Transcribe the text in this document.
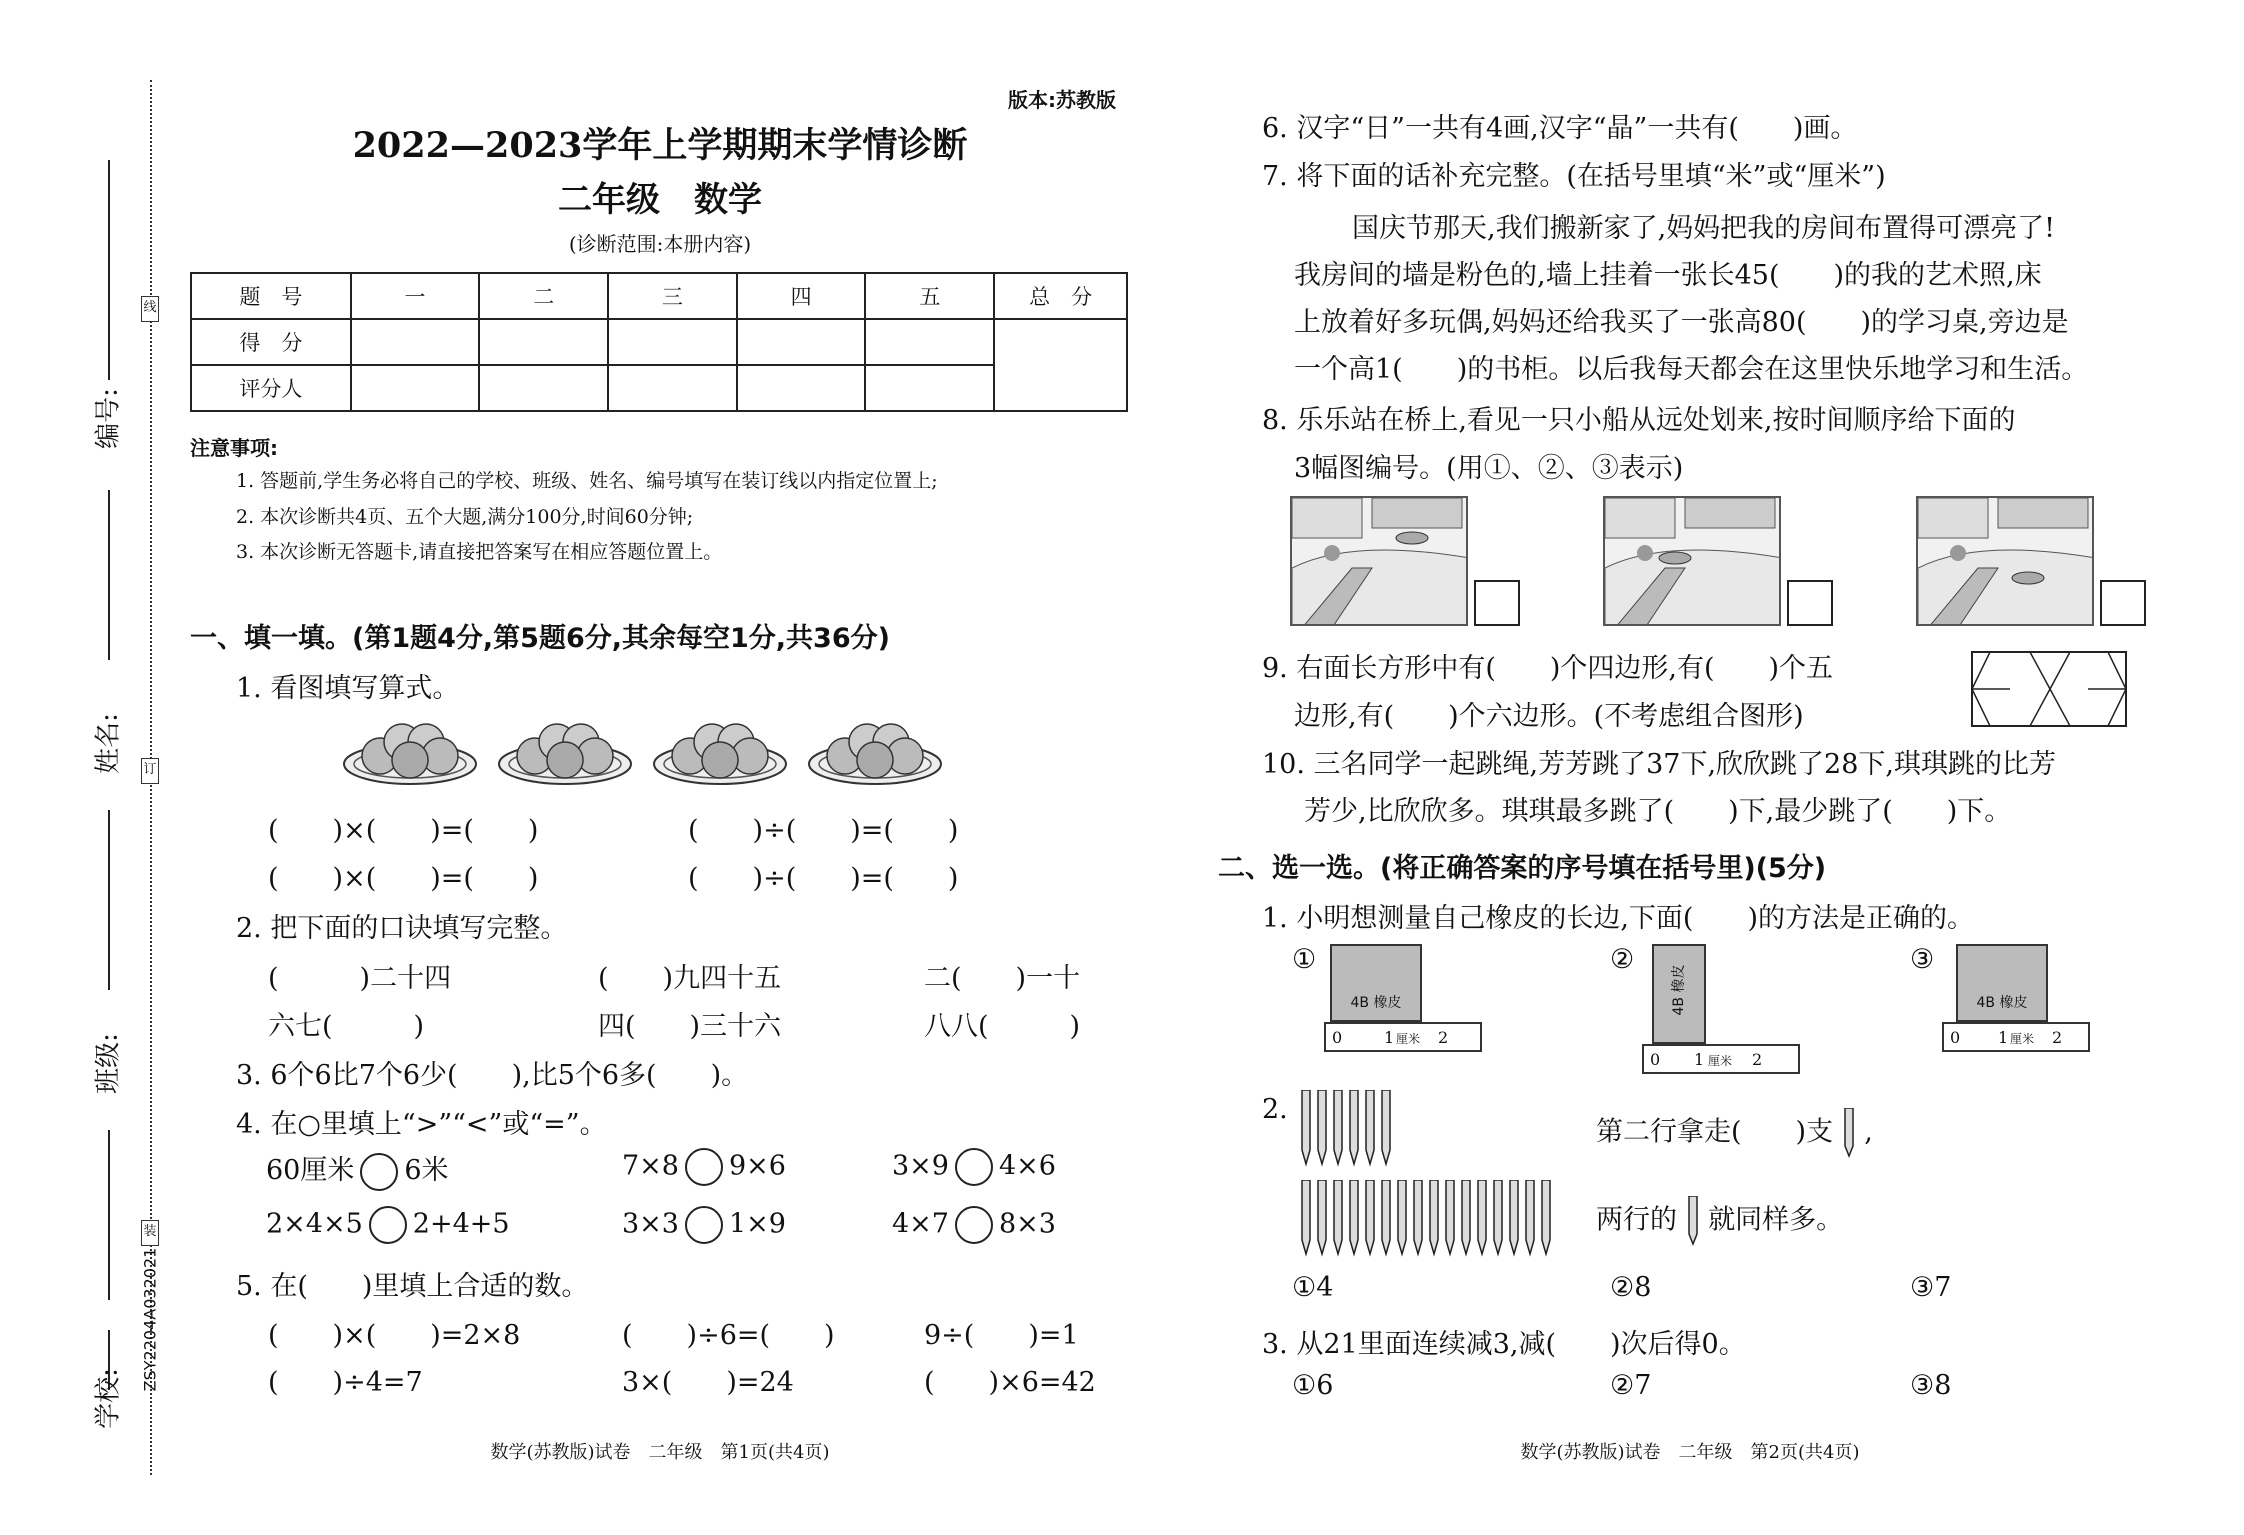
编号:
姓名:
班级:
学校:
ZSY2204A032021
线
订
装
版本:苏教版
2022—2023学年上学期期末学情诊断
二年级　数学
(诊断范围:本册内容)
题　号	一	二	三	四	五	总　分
得　分						
评分人						
注意事项:
1. 答题前,学生务必将自己的学校、班级、姓名、编号填写在装订线以内指定位置上;
2. 本次诊断共4页、五个大题,满分100分,时间60分钟;
3. 本次诊断无答题卡,请直接把答案写在相应答题位置上。
一、填一填。(第1题4分,第5题6分,其余每空1分,共36分)
1. 看图填写算式。
(　　)×(　　)=(　　)	(　　)÷(　　)=(　　)
(　　)×(　　)=(　　)	(　　)÷(　　)=(　　)
2. 把下面的口诀填写完整。
(　　　)二十四	(　　)九四十五	二(　　)一十
六七(　　　)	四(　　)三十六	八八(　　　)
3. 6个6比7个6少(　　),比5个6多(　　)。
4. 在○里填上“>”“<”或“=”。
60厘米 6米	7×8 9×6	3×9 4×6
2×4×5 2+4+5	3×3 1×9	4×7 8×3
5. 在(　　)里填上合适的数。
(　　)×(　　)=2×8	(　　)÷6=(　　)	9÷(　　)=1
(　　)÷4=7	3×(　　)=24	(　　)×6=42
数学(苏教版)试卷　二年级　第1页(共4页)
6. 汉字“日”一共有4画,汉字“晶”一共有(　　)画。
7. 将下面的话补充完整。(在括号里填“米”或“厘米”)
国庆节那天,我们搬新家了,妈妈把我的房间布置得可漂亮了!
我房间的墙是粉色的,墙上挂着一张长45(　　)的我的艺术照,床
上放着好多玩偶,妈妈还给我买了一张高80(　　)的学习桌,旁边是
一个高1(　　)的书柜。以后我每天都会在这里快乐地学习和生活。
8. 乐乐站在桥上,看见一只小船从远处划来,按时间顺序给下面的
3幅图编号。(用①、②、③表示)
9. 右面长方形中有(　　)个四边形,有(　　)个五
边形,有(　　)个六边形。(不考虑组合图形)
10. 三名同学一起跳绳,芳芳跳了37下,欣欣跳了28下,琪琪跳的比芳
芳少,比欣欣多。琪琪最多跳了(　　)下,最少跳了(　　)下。
二、选一选。(将正确答案的序号填在括号里)(5分)
1. 小明想测量自己橡皮的长边,下面(　　)的方法是正确的。
①
4B 橡皮
0	1 厘米 2
②
4B 橡皮
0 1 厘米 2
③
4B 橡皮
0 1 厘米 2
2.
第二行拿走(　　)支 ,
两行的 就同样多。
①4	②8	③7
3. 从21里面连续减3,减(　　)次后得0。
①6	②7	③8
数学(苏教版)试卷　二年级　第2页(共4页)
